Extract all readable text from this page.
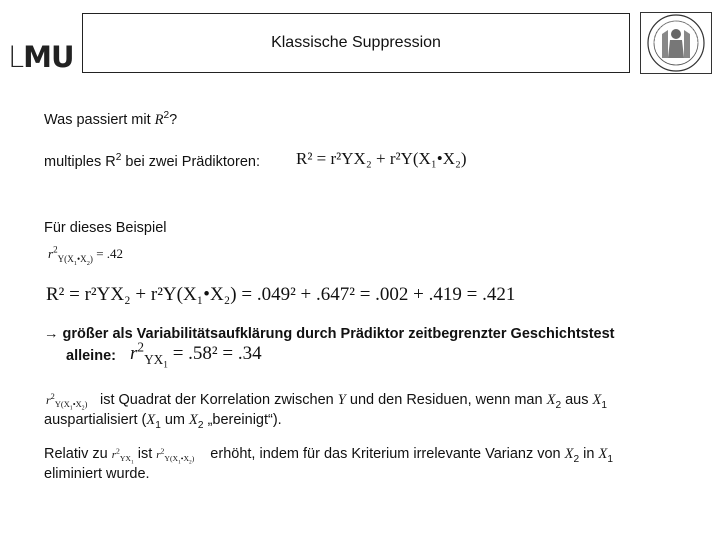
LMU	Klassische Suppression
Was passiert mit $R^2$?
multiples $R^2$ bei zwei Prädiktoren: R² = r²YX₂ + r²Y(X₁•X₂)
Für dieses Beispiel
$r^2_{Y(X_1•X_2)} = .42$
R² = r²YX₂ + r²Y(X₁•X₂) = .049² + .647² = .002 + .419 = .421
→ größer als Variabilitätsaufklärung durch Prädiktor zeitbegrenzter Geschichtstest
alleine: $r^2_{YX_1} = .58^2 = .34$
$r^2_{Y(X_1•X_2)}$ ist Quadrat der Korrelation zwischen Y und den Residuen, wenn man $X_2$ aus $X_1$
auspartialisiert ($X_1$ um $X_2$ „bereinigt“).
Relativ zu $r^2_{YX_1}$ ist $r^2_{Y(X_1•X_2)}$ erhöht, indem für das Kriterium irrelevante Varianz von $X_2$ in $X_1$
eliminiert wurde.
